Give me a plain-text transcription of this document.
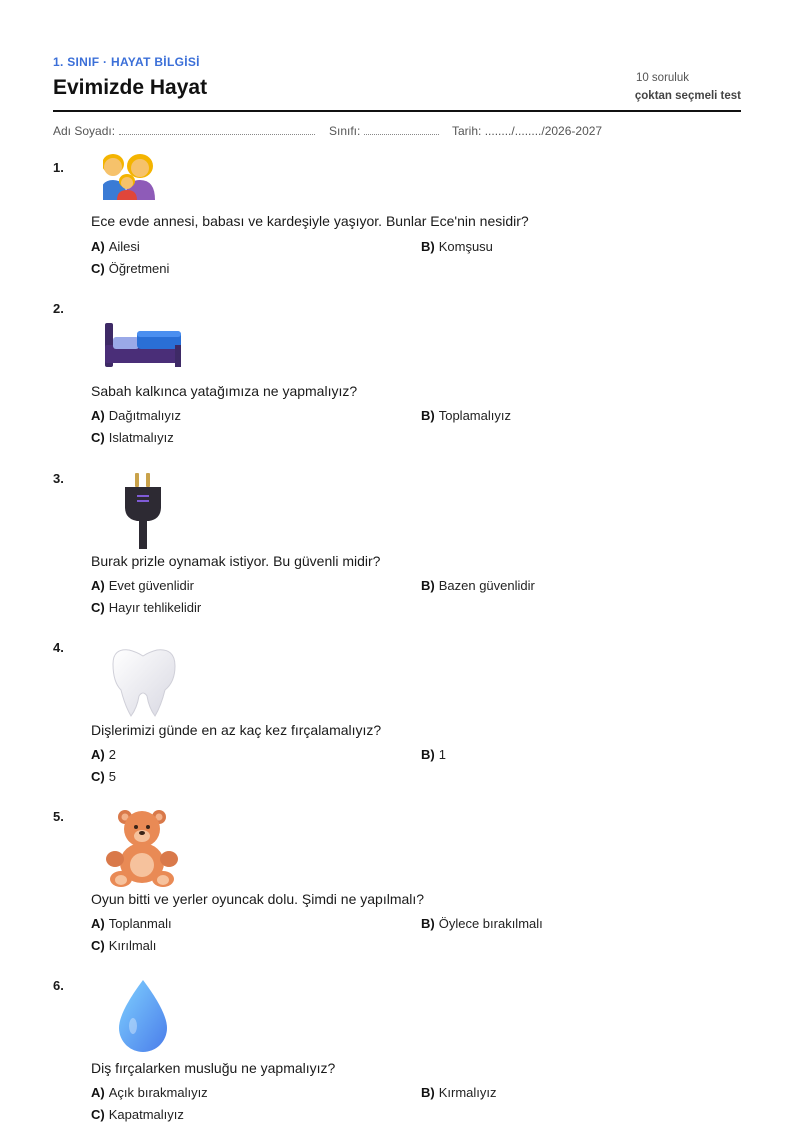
1. SINIF · HAYAT BİLGİSİ
Evimizde Hayat	10 soruluk
çoktan seçmeli test
Adı Soyadı:	Sınıfı:	Tarih: ......../......../2026-2027
1.
Ece evde annesi, babası ve kardeşiyle yaşıyor. Bunlar Ece'nin nesidir?
A) Ailesi	B) Komşusu
C) Öğretmeni
2.
Sabah kalkınca yatağımıza ne yapmalıyız?
A) Dağıtmalıyız	B) Toplamalıyız
C) Islatmalıyız
3.
Burak prizle oynamak istiyor. Bu güvenli midir?
A) Evet güvenlidir	B) Bazen güvenlidir
C) Hayır tehlikelidir
4.
Dişlerimizi günde en az kaç kez fırçalamalıyız?
A) 2	B) 1
C) 5
5.
Oyun bitti ve yerler oyuncak dolu. Şimdi ne yapılmalı?
A) Toplanmalı	B) Öylece bırakılmalı
C) Kırılmalı
6.
Diş fırçalarken musluğu ne yapmalıyız?
A) Açık bırakmalıyız	B) Kırmalıyız
C) Kapatmalıyız
